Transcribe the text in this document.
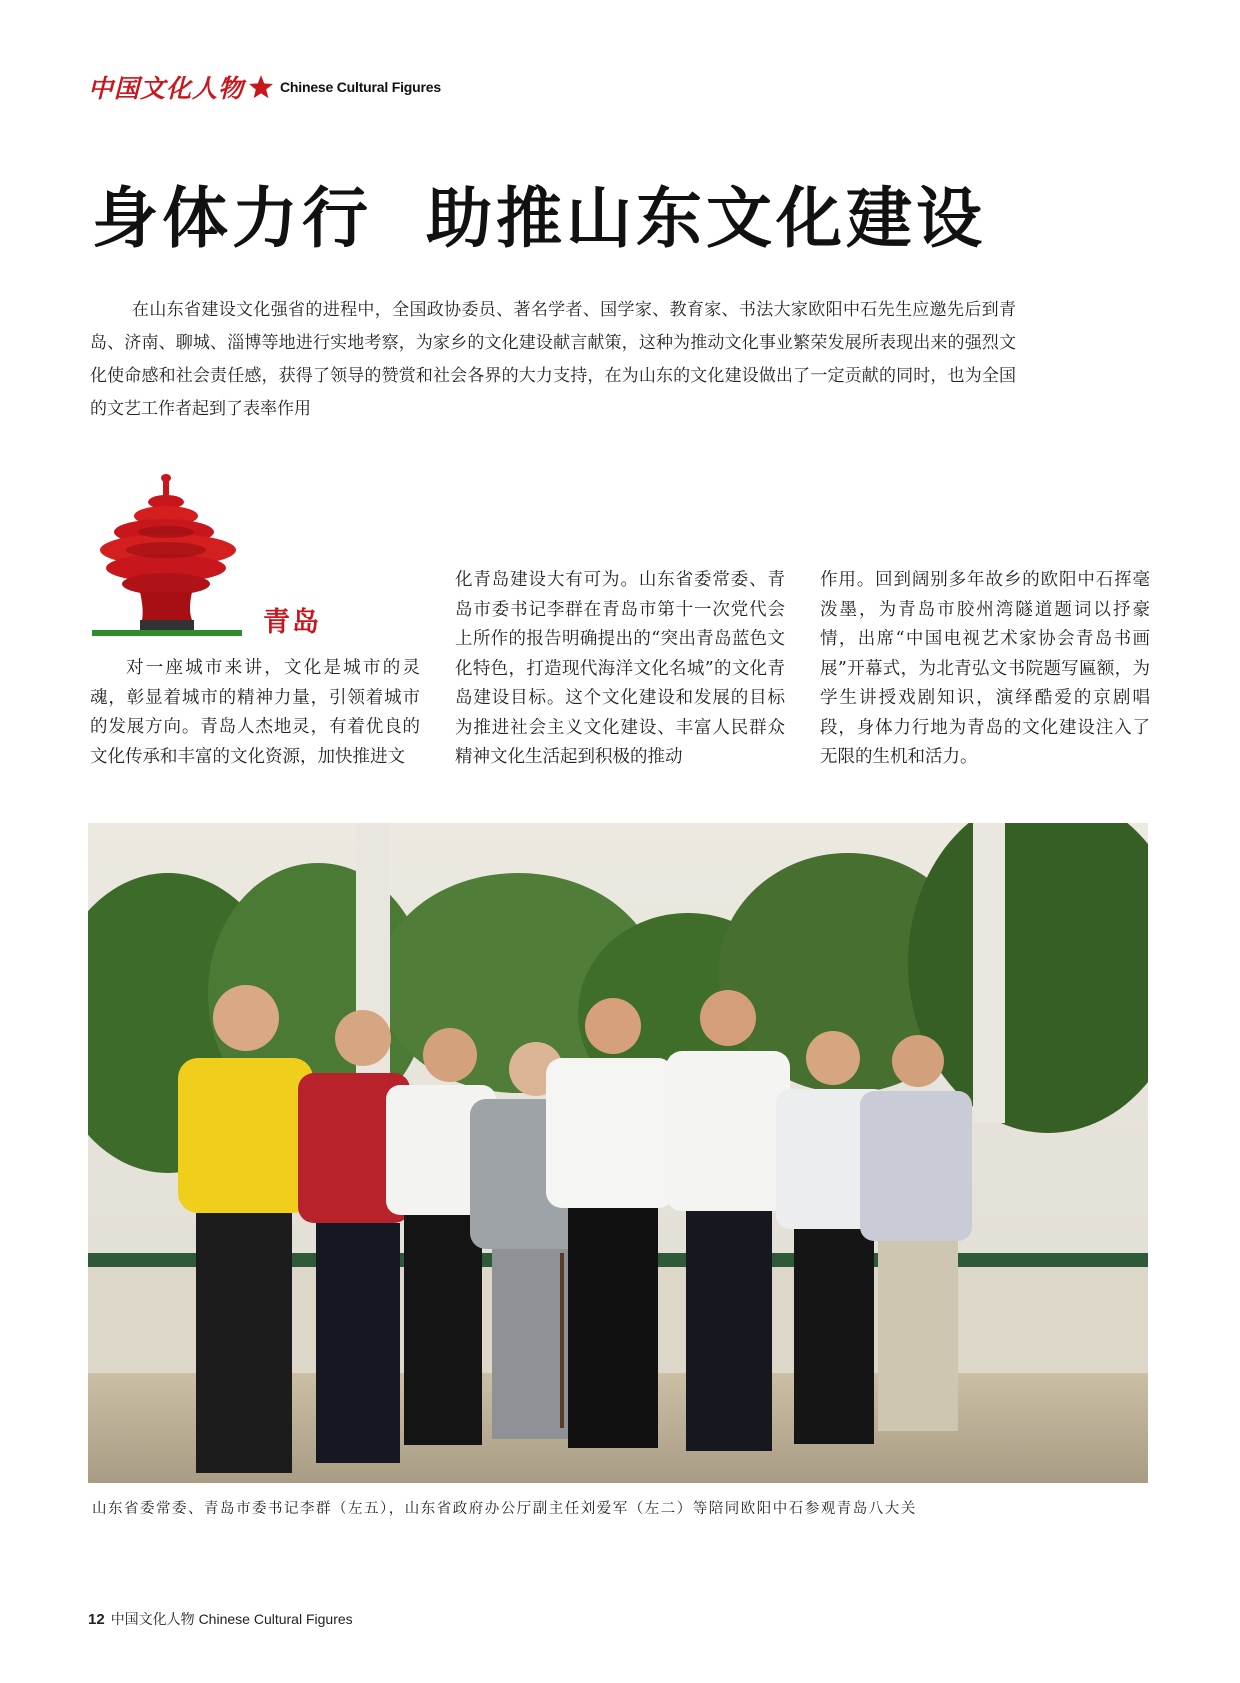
中国文化人物	Chinese Cultural Figures
身体力行  助推山东文化建设
在山东省建设文化强省的进程中，全国政协委员、著名学者、国学家、教育家、书法大家欧阳中石先生应邀先后到青岛、济南、聊城、淄博等地进行实地考察，为家乡的文化建设献言献策，这种为推动文化事业繁荣发展所表现出来的强烈文化使命感和社会责任感，获得了领导的赞赏和社会各界的大力支持，在为山东的文化建设做出了一定贡献的同时，也为全国的文艺工作者起到了表率作用
青岛
对一座城市来讲，文化是城市的灵魂，彰显着城市的精神力量，引领着城市的发展方向。青岛人杰地灵，有着优良的文化传承和丰富的文化资源，加快推进文
化青岛建设大有可为。山东省委常委、青岛市委书记李群在青岛市第十一次党代会上所作的报告明确提出的“突出青岛蓝色文化特色，打造现代海洋文化名城”的文化青岛建设目标。这个文化建设和发展的目标为推进社会主义文化建设、丰富人民群众精神文化生活起到积极的推动
作用。回到阔别多年故乡的欧阳中石挥毫泼墨，为青岛市胶州湾隧道题词以抒豪情，出席“中国电视艺术家协会青岛书画展”开幕式，为北青弘文书院题写匾额，为学生讲授戏剧知识，演绎酷爱的京剧唱段，身体力行地为青岛的文化建设注入了无限的生机和活力。
山东省委常委、青岛市委书记李群（左五），山东省政府办公厅副主任刘爱军（左二）等陪同欧阳中石参观青岛八大关
12 中国文化人物 Chinese Cultural Figures
